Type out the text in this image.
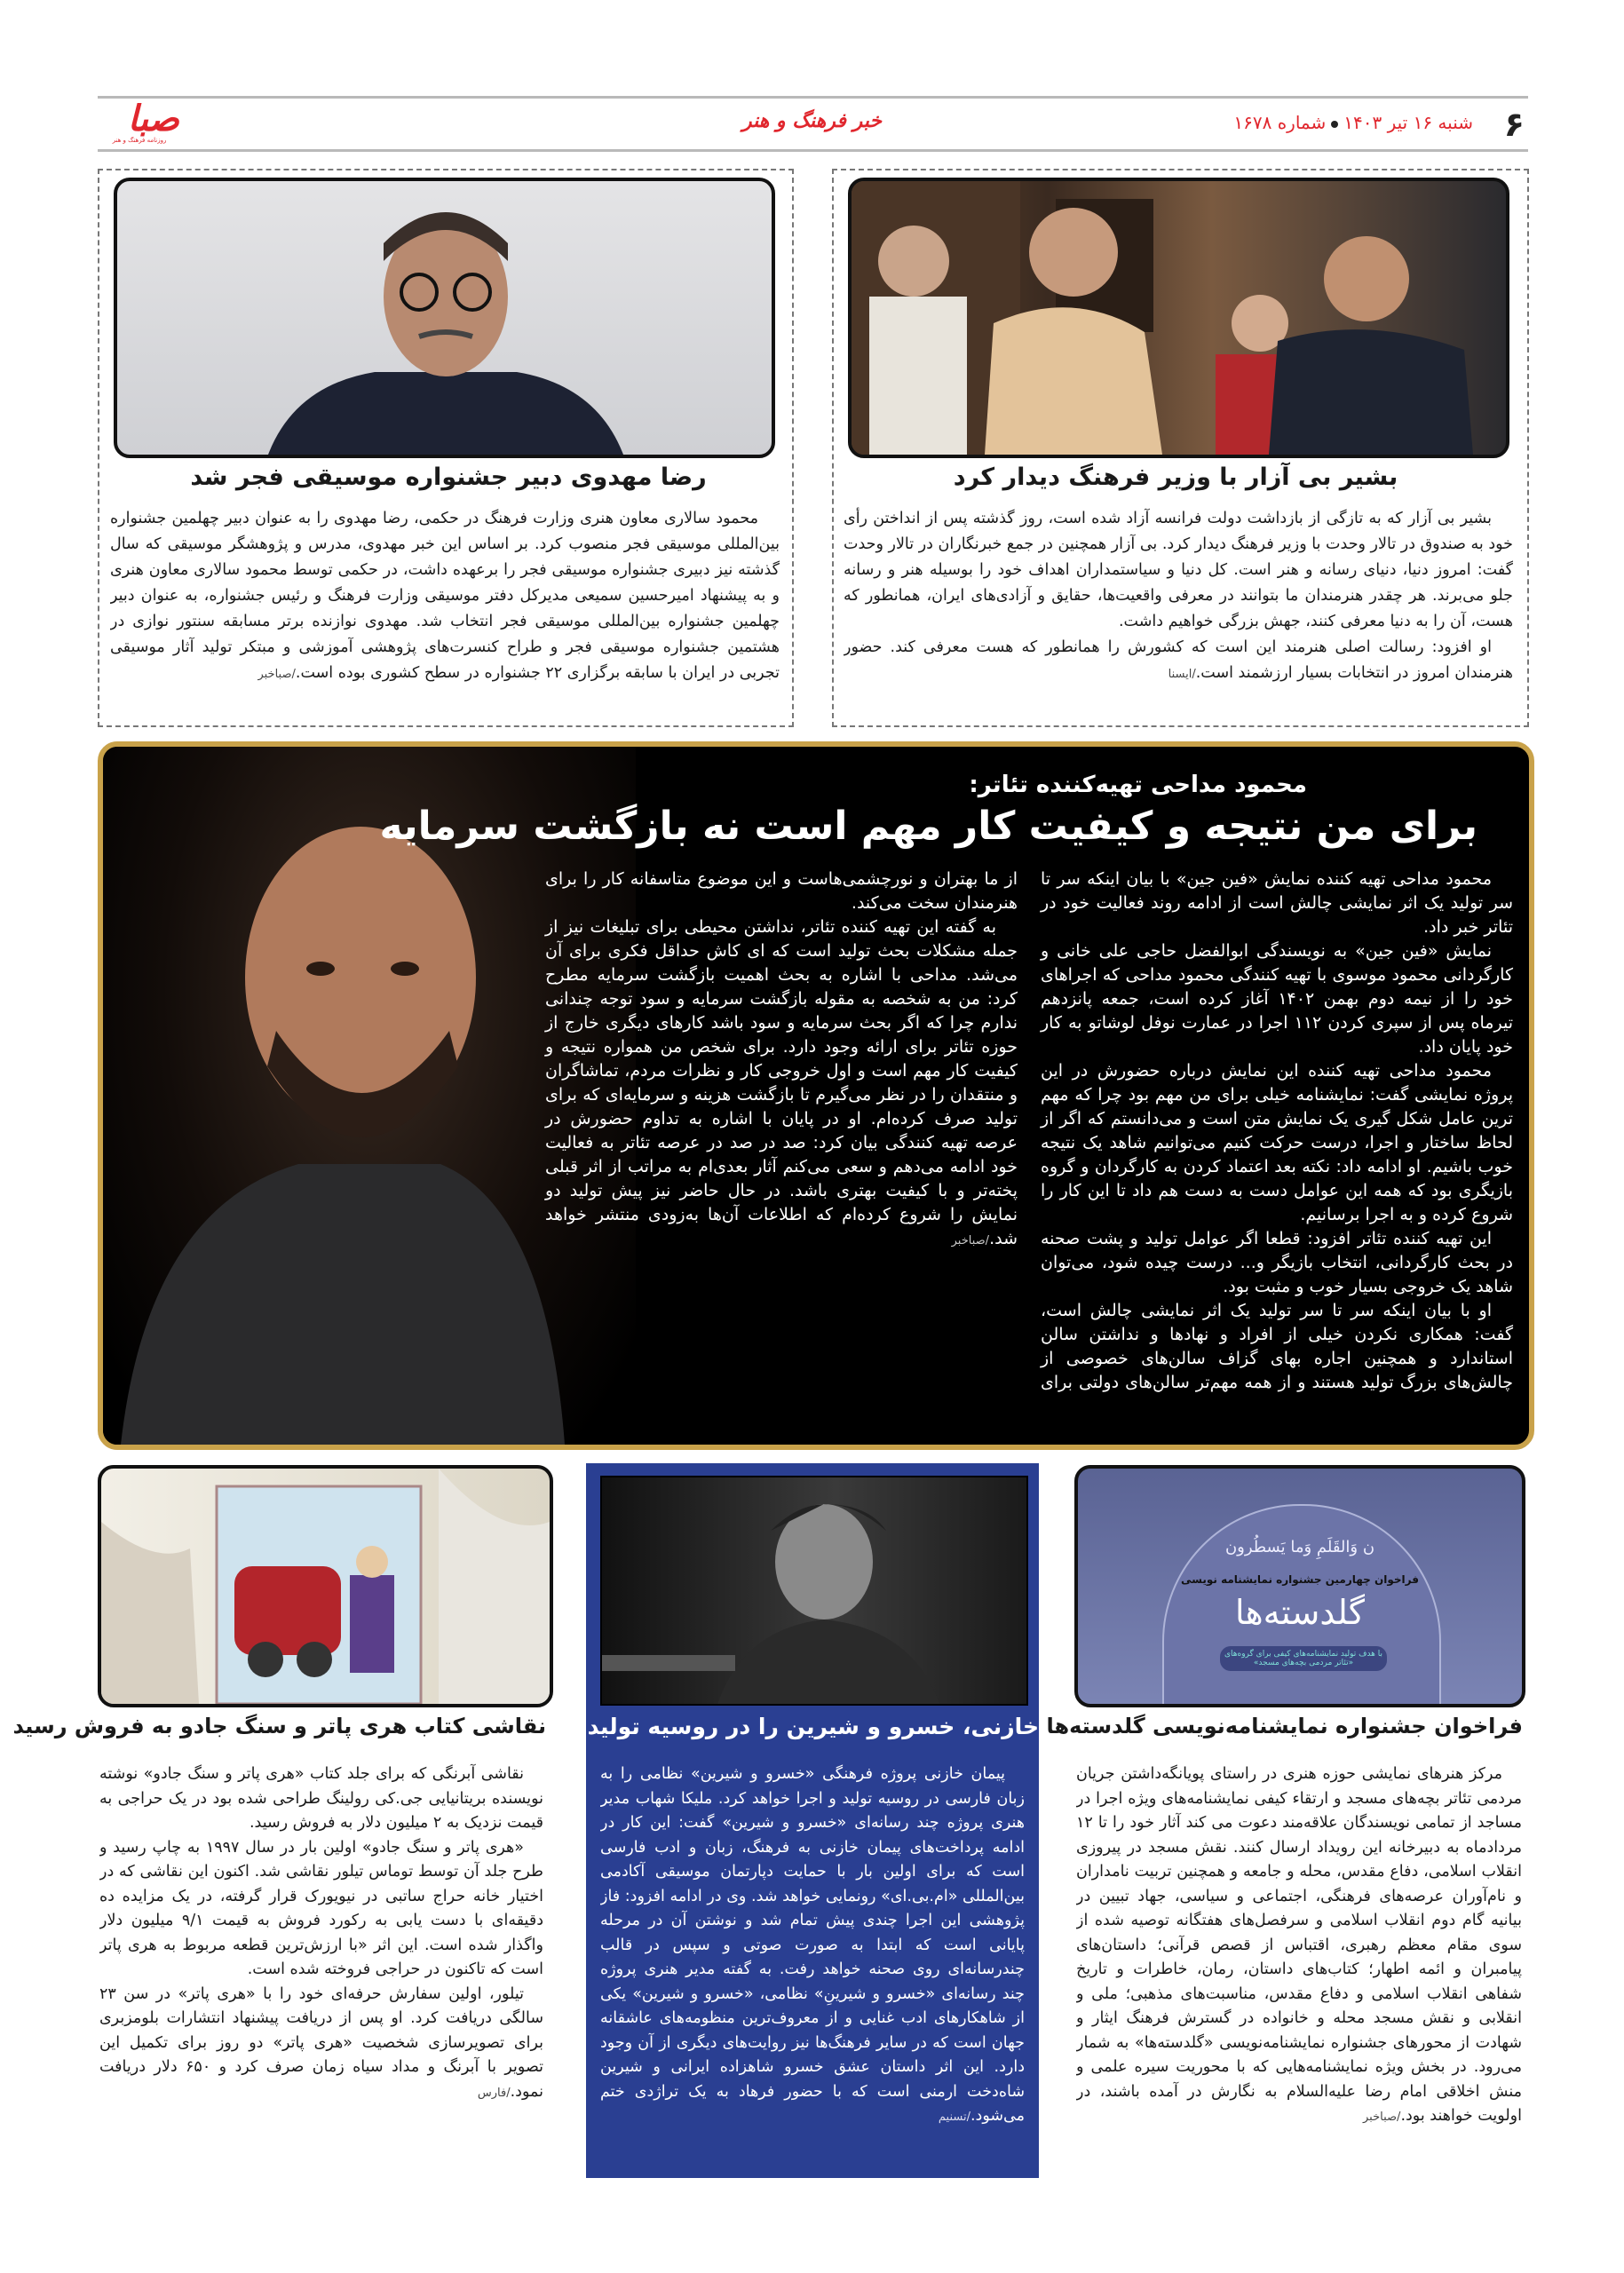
۶
شنبه ۱۶ تیر ۱۴۰۳شماره ۱۶۷۸
خبر فرهنگ و هنر
صبا
روزنامه فرهنگ و هنر
بشیر بی آزار با وزیر فرهنگ دیدار کرد

بشیر بی آزار که به تازگی از بازداشت دولت فرانسه آزاد شده است، روز گذشته پس از انداختن رأی خود به صندوق در تالار وحدت با وزیر فرهنگ دیدار کرد. بی آزار همچنین در جمع خبرنگاران در تالار وحدت گفت: امروز دنیا، دنیای رسانه و هنر است. کل دنیا و سیاستمداران اهداف خود را بوسیله هنر و رسانه جلو می‌برند. هر چقدر هنرمندان ما بتوانند در معرفی واقعیت‌ها، حقایق و آزادی‌های ایران، همانطور که هست، آن را به دنیا معرفی کنند، جهش بزرگی خواهیم داشت.

او افزود: رسالت اصلی هنرمند این است که کشورش را همانطور که هست معرفی کند. حضور هنرمندان امروز در انتخابات بسیار ارزشمند است./ایسنا

رضا مهدوی دبیر جشنواره موسیقی فجر شد

محمود سالاری معاون هنری وزارت فرهنگ در حکمی، رضا مهدوی را به عنوان دبیر چهلمین جشنواره بین‌المللی موسیقی فجر منصوب کرد. بر اساس این خبر مهدوی، مدرس و پژوهشگر موسیقی که سال گذشته نیز دبیری جشنواره موسیقی فجر را برعهده داشت، در حکمی توسط محمود سالاری معاون هنری و به پیشنهاد امیرحسین سمیعی مدیرکل دفتر موسیقی وزارت فرهنگ و رئیس جشنواره، به عنوان دبیر چهلمین جشنواره بین‌المللی موسیقی فجر انتخاب شد. مهدوی نوازنده برتر مسابقه سنتور نوازی در هشتمین جشنواره موسیقی فجر و طراح کنسرت‌های پژوهشی آموزشی و مبتکر تولید آثار موسیقی تجربی در ایران با سابقه برگزاری ۲۲ جشنواره در سطح کشوری بوده است./صباخبر

محمود مداحی تهیه‌کننده تئاتر:
برای من نتیجه و کیفیت کار مهم است نه بازگشت سرمایه

محمود مداحی تهیه کننده نمایش «فین جین» با بیان اینکه سر تا سر تولید یک اثر نمایشی چالش است از ادامه روند فعالیت خود در تئاتر خبر داد.

نمایش «فین جین» به نویسندگی ابوالفضل حاجی علی خانی و کارگردانی محمود موسوی با تهیه کنندگی محمود مداحی که اجراهای خود را از نیمه دوم بهمن ۱۴۰۲ آغاز کرده است، جمعه پانزدهم تیرماه پس از سپری کردن ۱۱۲ اجرا در عمارت نوفل لوشاتو به کار خود پایان داد.

محمود مداحی تهیه کننده این نمایش درباره حضورش در این پروژه نمایشی گفت: نمایشنامه خیلی برای من مهم بود چرا که مهم ترین عامل شکل گیری یک نمایش متن است و می‌دانستم که اگر از لحاظ ساختار و اجرا، درست حرکت کنیم می‌توانیم شاهد یک نتیجه خوب باشیم. او ادامه داد: نکته بعد اعتماد کردن به کارگردان و گروه بازیگری بود که همه این عوامل دست به دست هم داد تا این کار را شروع کرده و به اجرا برسانیم.

این تهیه کننده تئاتر افزود: قطعا اگر عوامل تولید و پشت صحنه در بحث کارگردانی، انتخاب بازیگر و... درست چیده شود، می‌توان شاهد یک خروجی بسیار خوب و مثبت بود.

او با بیان اینکه سر تا سر تولید یک اثر نمایشی چالش است، گفت: همکاری نکردن خیلی از افراد و نهادها و نداشتن سالن استاندارد و همچنین اجاره بهای گزاف سالن‌های خصوصی از چالش‌های بزرگ تولید هستند و از همه مهم‌تر سالن‌های دولتی برای از ما بهتران و نورچشمی‌هاست و این موضوع متاسفانه کار را برای هنرمندان سخت می‌کند.

به گفته این تهیه کننده تئاتر، نداشتن محیطی برای تبلیغات نیز از جمله مشکلات بحث تولید است که ای کاش حداقل فکری برای آن می‌شد. مداحی با اشاره به بحث اهمیت بازگشت سرمایه مطرح کرد: من به شخصه به مقوله بازگشت سرمایه و سود توجه چندانی ندارم چرا که اگر بحث سرمایه و سود باشد کارهای دیگری خارج از حوزه تئاتر برای ارائه وجود دارد. برای شخص من همواره نتیجه و کیفیت کار مهم است و اول خروجی کار و نظرات مردم، تماشاگران و منتقدان را در نظر می‌گیرم تا بازگشت هزینه و سرمایه‌ای که برای تولید صرف کرده‌ام. او در پایان با اشاره به تداوم حضورش در عرصه تهیه کنندگی بیان کرد: صد در صد در عرصه تئاتر به فعالیت خود ادامه می‌دهم و سعی می‌کنم آثار بعدی‌ام به مراتب از اثر قبلی پخته‌تر و با کیفیت بهتری باشد. در حال حاضر نیز پیش تولید دو نمایش را شروع کرده‌ام که اطلاعات آن‌ها به‌زودی منتشر خواهد شد./صباخبر

ن وَالقَلَمِ وَما یَسطُرون
فراخوان چهارمین جشنواره نمایشنامه نویسی
گلدسته‌ها
با هدف تولید نمایشنامه‌های کیفی برای گروه‌های «تئاتر مردمی بچه‌های مسجد»
فراخوان جشنواره نمایشنامه‌نویسی گلدسته‌ها

مرکز هنرهای نمایشی حوزه هنری در راستای پویانگه‌داشتن جریان مردمی تئاتر بچه‌های مسجد و ارتقاء کیفی نمایشنامه‌های ویژه اجرا در مساجد از تمامی نویسندگان علاقه‌مند دعوت می کند آثار خود را تا ۱۲ مردادماه به دبیرخانه این رویداد ارسال کنند. نقش مسجد در پیروزی انقلاب اسلامی، دفاع مقدس، محله و جامعه و همچنین تربیت نامداران و نام‌آوران عرصه‌های فرهنگی، اجتماعی و سیاسی، جهاد تبیین در بیانیه گام دوم انقلاب اسلامی و سرفصل‌های هفتگانه توصیه شده از سوی مقام معظم رهبری، اقتباس از قصص قرآنی؛ داستان‌های پیامبران و ائمه اطهار؛ کتاب‌های داستان، رمان، خاطرات و تاریخ شفاهی انقلاب اسلامی و دفاع مقدس، مناسبت‌های مذهبی؛ ملی و انقلابی و نقش مسجد محله و خانواده در گسترش فرهنگ ایثار و شهادت از محورهای جشنواره نمایشنامه‌نویسی «گلدسته‌ها» به شمار می‌رود. در بخش ویژه نمایشنامه‌هایی که با محوریت سیره علمی و منش اخلاقی امام رضا علیه‌السلام به نگارش در آمده باشند، در اولویت خواهند بود./صباخبر

خازنی، خسرو و شیرین را در روسیه تولید می کند

پیمان خازنی پروژه فرهنگی «خسرو و شیرین» نظامی را به زبان فارسی در روسیه تولید و اجرا خواهد کرد. ملیکا شهاب مدیر هنری پروژه چند رسانه‌ای «خسرو و شیرین» گفت: این کار در ادامه پرداخت‌های پیمان خازنی به فرهنگ، زبان و ادب فارسی است که برای اولین بار با حمایت دپارتمان موسیقی آکادمی بین‌المللی «ام.بی.ای» رونمایی خواهد شد. وی در ادامه افزود: فاز پژوهشی این اجرا چندی پیش تمام شد و نوشتن آن در مرحله پایانی است که ابتدا به صورت صوتی و سپس در قالب چندرسانه‌ای روی صحنه خواهد رفت. به گفته مدیر هنری پروژه چند رسانه‌ای «خسرو و شیرینِ» نظامی، «خسرو و شیرین» یکی از شاهکارهای ادب غنایی و از معروف‌ترین منظومه‌های عاشقانه جهان است که در سایر فرهنگ‌ها نیز روایت‌های دیگری از آن وجود دارد. این اثر داستان عشق خسرو شاهزاده ایرانی و شیرین شاه‌دخت ارمنی است که با حضور فرهاد به یک تراژدی ختم می‌شود./تسنیم

نقاشی کتاب هری پاتر و سنگ جادو به فروش رسید

نقاشی آبرنگی که برای جلد کتاب «هری پاتر و سنگ جادو» نوشته نویسنده بریتانیایی جی.کی رولینگ طراحی شده بود در یک حراجی به قیمت نزدیک به ۲ میلیون دلار به فروش رسید.

«هری پاتر و سنگ جادو» اولین بار در سال ۱۹۹۷ به چاپ رسید و طرح جلد آن توسط توماس تیلور نقاشی شد. اکنون این نقاشی که در اختیار خانه حراج ساتبی در نیویورک قرار گرفته، در یک مزایده ده دقیقه‌ای با دست یابی به رکورد فروش به قیمت ۹/۱ میلیون دلار واگذار شده است. این اثر «با ارزش‌ترین قطعه مربوط به هری پاتر است که تاکنون در حراجی فروخته شده است.

تیلور، اولین سفارش حرفه‌ای خود را با «هری پاتر» در سن ۲۳ سالگی دریافت کرد. او پس از دریافت پیشنهاد انتشارات بلومزبری برای تصویرسازی شخصیت «هری پاتر» دو روز برای تکمیل این تصویر با آبرنگ و مداد سیاه زمان صرف کرد و ۶۵۰ دلار دریافت نمود./فارس
